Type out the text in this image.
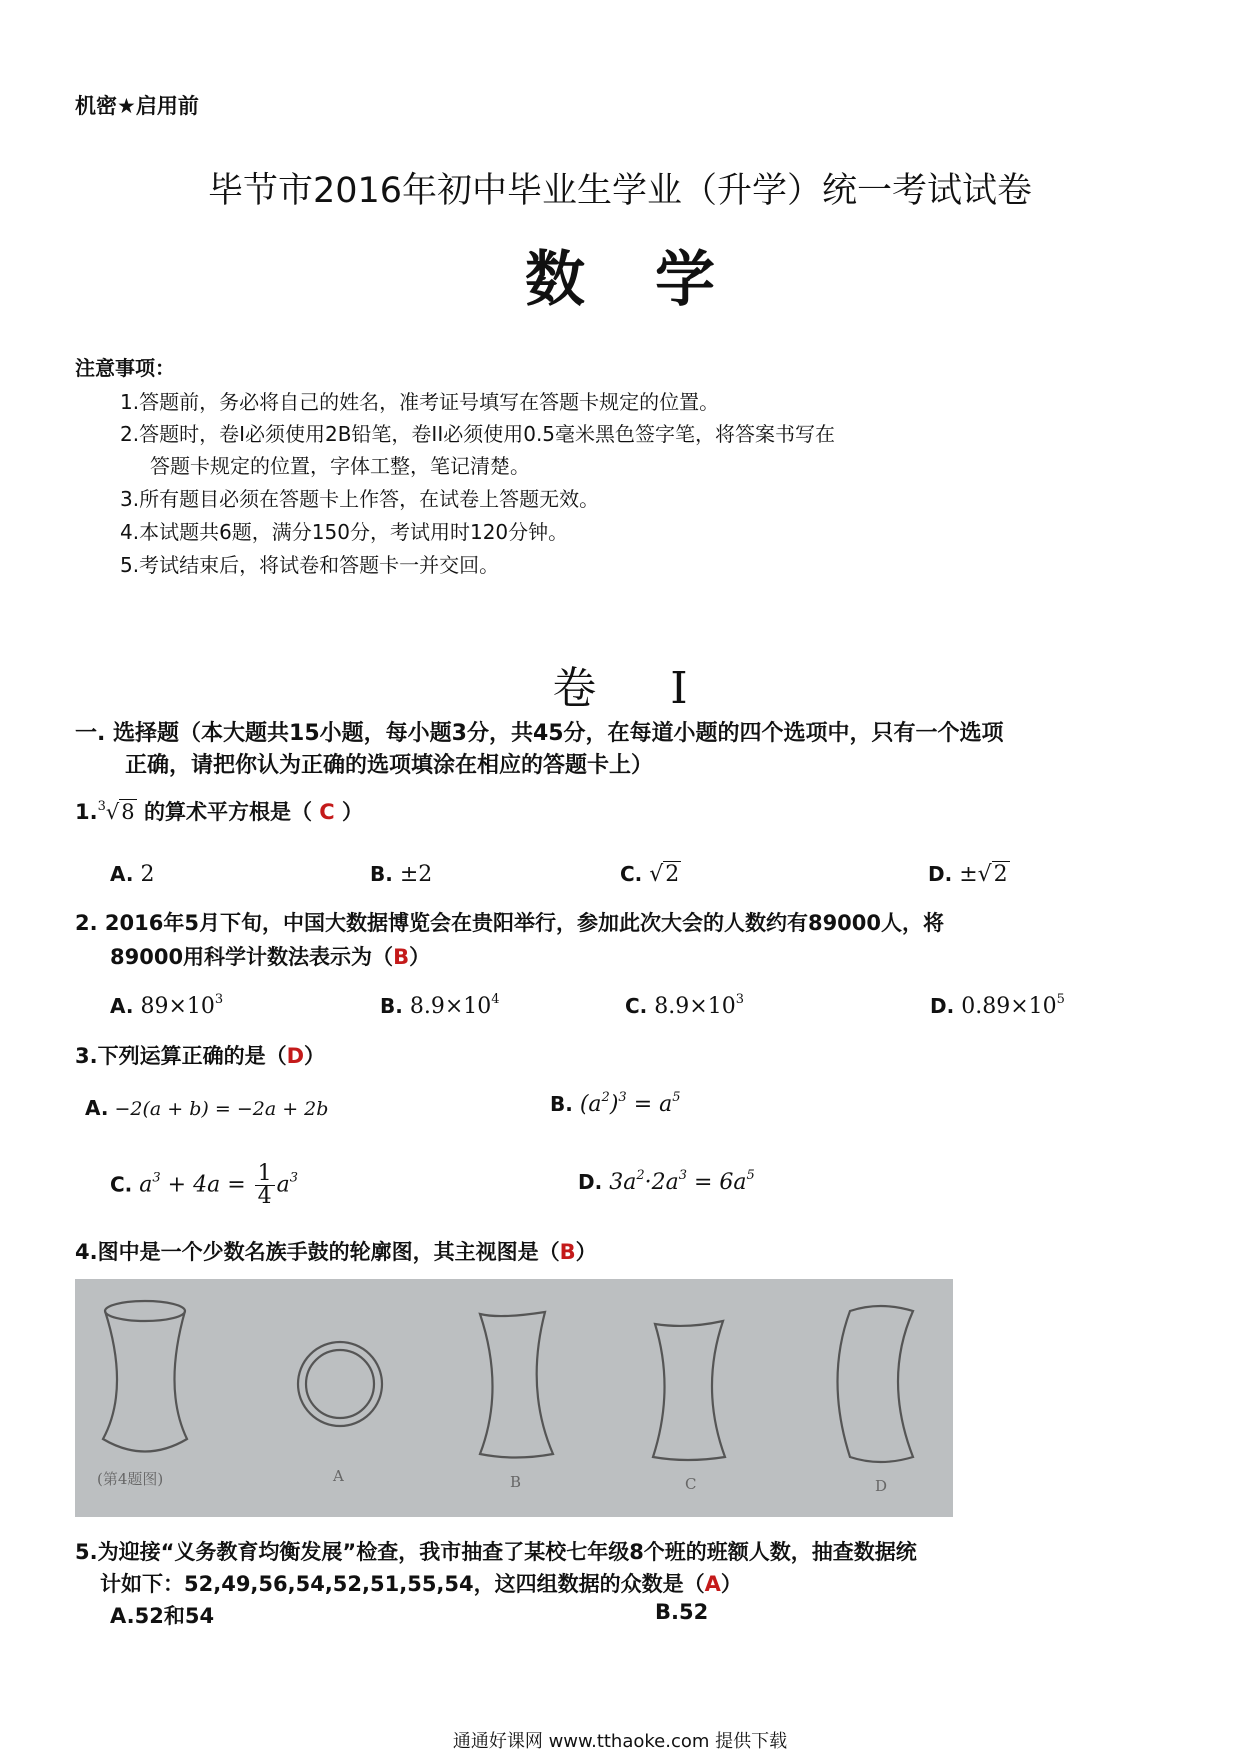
机密★启用前
毕节市2016年初中毕业生学业（升学）统一考试试卷
数学
注意事项：
1.答题前，务必将自己的姓名，准考证号填写在答题卡规定的位置。
2.答题时，卷I必须使用2B铅笔，卷II必须使用0.5毫米黑色签字笔，将答案书写在
答题卡规定的位置，字体工整，笔记清楚。
3.所有题目必须在答题卡上作答，在试卷上答题无效。
4.本试题共6题，满分150分，考试用时120分钟。
5.考试结束后，将试卷和答题卡一并交回。
卷 I
一. 选择题（本大题共15小题，每小题3分，共45分，在每道小题的四个选项中，只有一个选项
正确，请把你认为正确的选项填涂在相应的答题卡上）
1.$^3$√8 的算术平方根是（ C ）
A. 2	B. ±2	C. √2	D. ±√2
2. 2016年5月下旬，中国大数据博览会在贵阳举行，参加此次大会的人数约有89000人，将
89000用科学计数法表示为（B）
A. $89\times 10^3$	B. $8.9\times 10^4$	C. $8.9\times 10^3$	D. $0.89\times 10^5$
3.下列运算正确的是（D）
A. −2(a + b) = −2a + 2b	B. $(a^2)^3 = a^5$
C. $a^3 + 4a = \frac{1}{4} a^3$	D. $3a^2\cdot 2a^3 = 6a^5$
4.图中是一个少数名族手鼓的轮廓图，其主视图是（B）
(第4题图)	A	B	C	D
5.为迎接“义务教育均衡发展”检查，我市抽查了某校七年级8个班的班额人数，抽查数据统
计如下：52,49,56,54,52,51,55,54，这四组数据的众数是（A）
A.52和54	B.52
通通好课网 www.tthaoke.com 提供下载
